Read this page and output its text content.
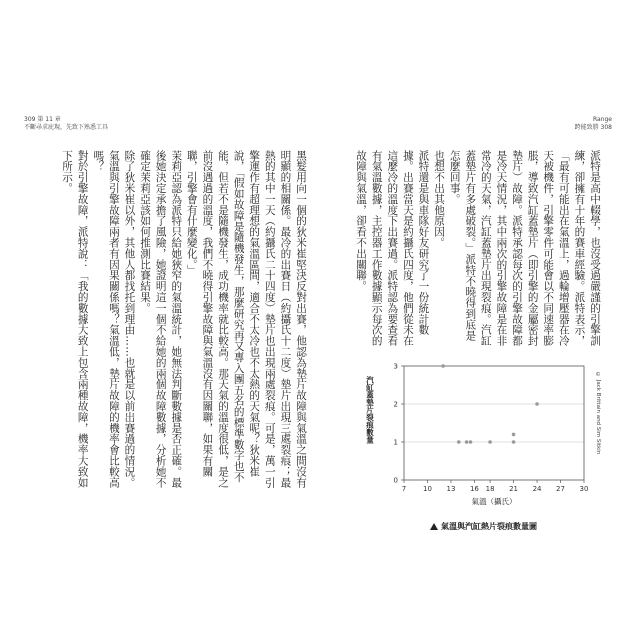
309 第 11 章
不斷尋求庇現，先致下熟悉工具

黑髮用向一個的狄米崔堅決反對出賽，他認為墊片故障與氣溫之間沒有明顯的相關係。最冷的出賽日（約攝氏十二度）墊片出現三處裂痕；最熱的其中一天（約攝氏二十四度）墊片也出現兩處裂痕。可是，萬一引擎運作有超理想的氣溫區間，適合不太冷也不太熱的天氣呢？狄米崔說，「假如故障是隨機發生，那麼研究再又專入團五名的標準數字也不能，但若不是隨機發生，成功機率就比較高。那天氣的溫度很低，是之前沒遇過的溫度，我們不曉得引擎故障與氣溫沒有因關聯，如果有關聯，引擎會有什麼變化。」

茉莉亞認為派特只給她狹窄的氣溫統計，她無法判斷數據是否正確。最後她決定承擔了風險，她證明這一個不給她的兩個故障數據，分析她不確定茉莉亞該如何推測比賽結果。

除了狄米崔以外，其他人都找托到理由……也就是以前出賽過的情況。氣溫與引擎故障兩者有因果關係嗎？氣溫低，墊片故障的機率會比較高嗎？

對於引擎故障，派特說：「我的數據大致上包含兩種故障，機率大致如下所示。

Range
跨能致勝 308

派特是高中輟學，也沒受過嚴謹的引擎訓練，卻擁有十年的賽車經驗。派特表示，「最有可能出在氣溫上，過輪增壓器在冷天被機件，引擎零件可能會以不同速率膨脹，導致汽缸蓋墊片（即引擎的金屬密封墊片）故障。派特承認每次的引擎故障都是冷天情況，其中兩次的引擎故障是在非常冷的天氣，汽缸蓋墊片出現裂痕。汽缸蓋墊片有多處破裂。」派特不曉得到底是怎麼回事。

也想不出其他原因。

派特還是與車隊好友研究了一份統計數據。出賽當天是約攝氏四度，他們從未在這麼冷的溫度下出賽過。派特認為要查看有氣溫數據，主控器工作數據顯示每次的故障與氣溫，卻看不出關聯。

汽缸蓋墊片裂痕數量
氣溫（攝氏）
© Jack Brittain and Sim Sitkin
7 10 13 16 18 21 24 27 30
0
1
2
3
氣溫與汽缸熱片裂痕數量圖
